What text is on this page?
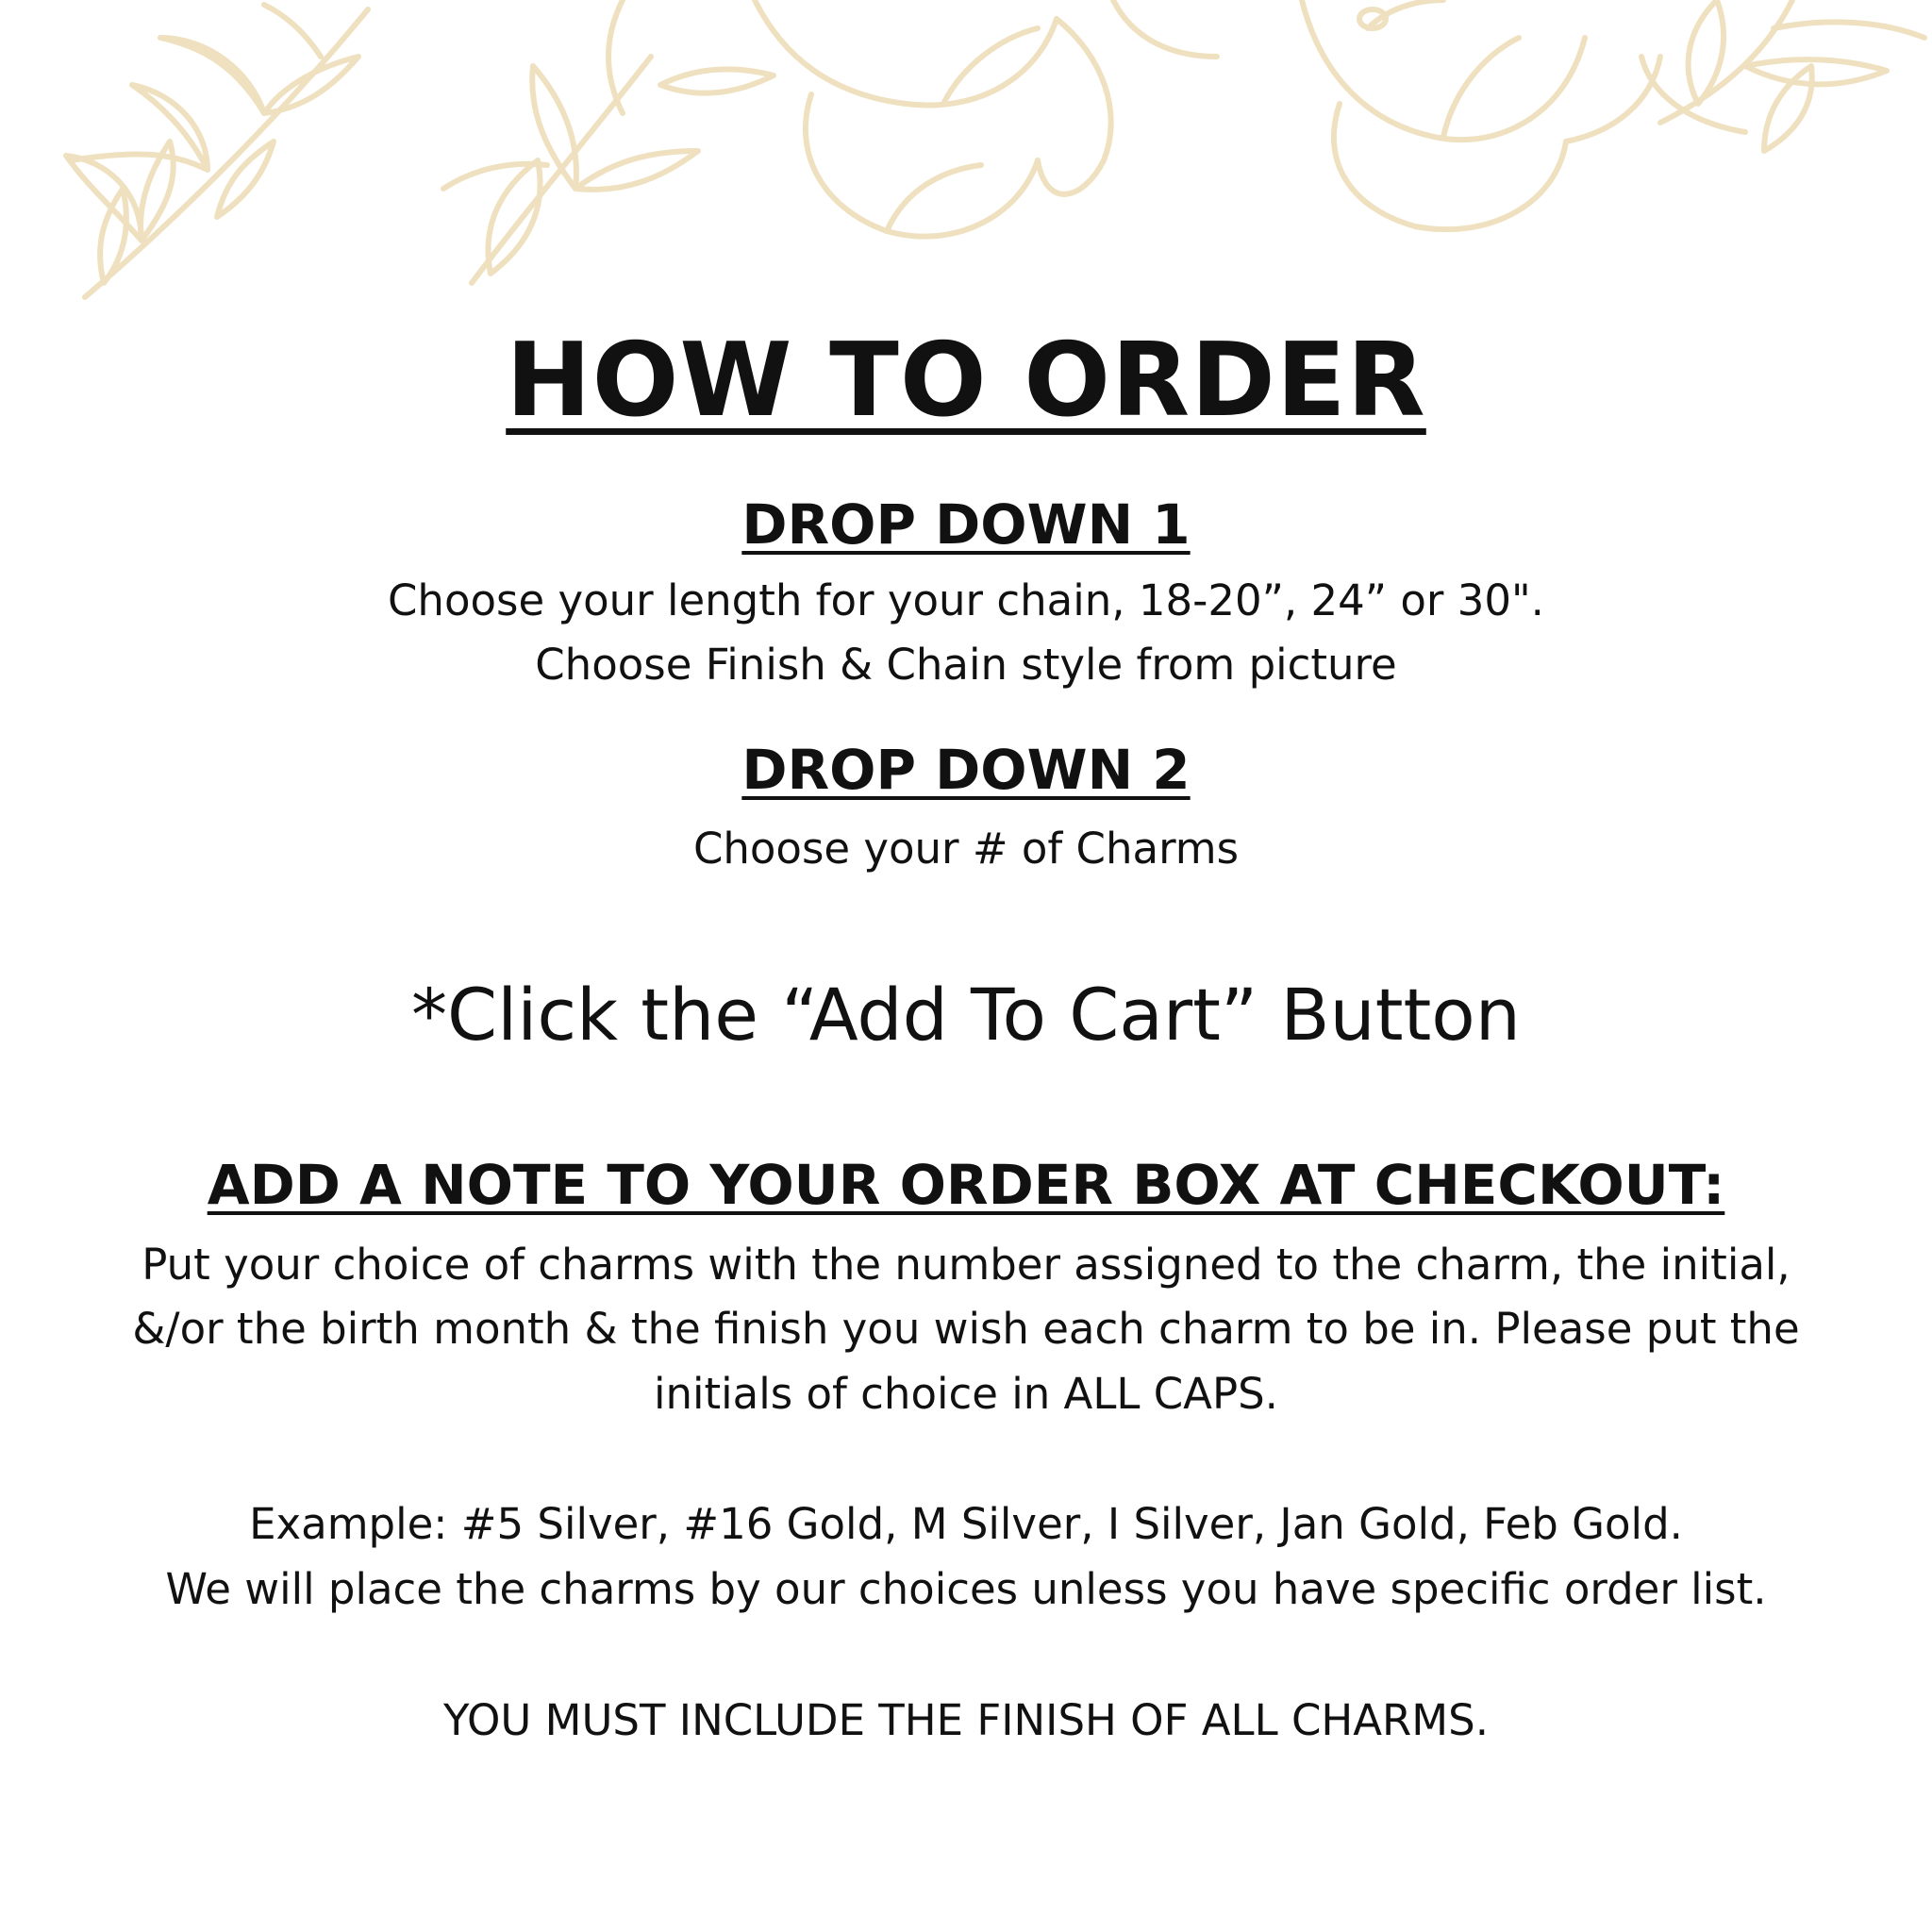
HOW TO ORDER
DROP DOWN 1
Choose your length for your chain, 18-20”, 24” or 30".
Choose Finish & Chain style from picture
DROP DOWN 2
Choose your # of Charms
*Click the “Add To Cart” Button
ADD A NOTE TO YOUR ORDER BOX AT CHECKOUT:
Put your choice of charms with the number assigned to the charm, the initial,
&/or the birth month & the finish you wish each charm to be in. Please put the
initials of choice in ALL CAPS.
Example: #5 Silver, #16 Gold, M Silver, I Silver, Jan Gold, Feb Gold.
We will place the charms by our choices unless you have specific order list.
YOU MUST INCLUDE THE FINISH OF ALL CHARMS.
